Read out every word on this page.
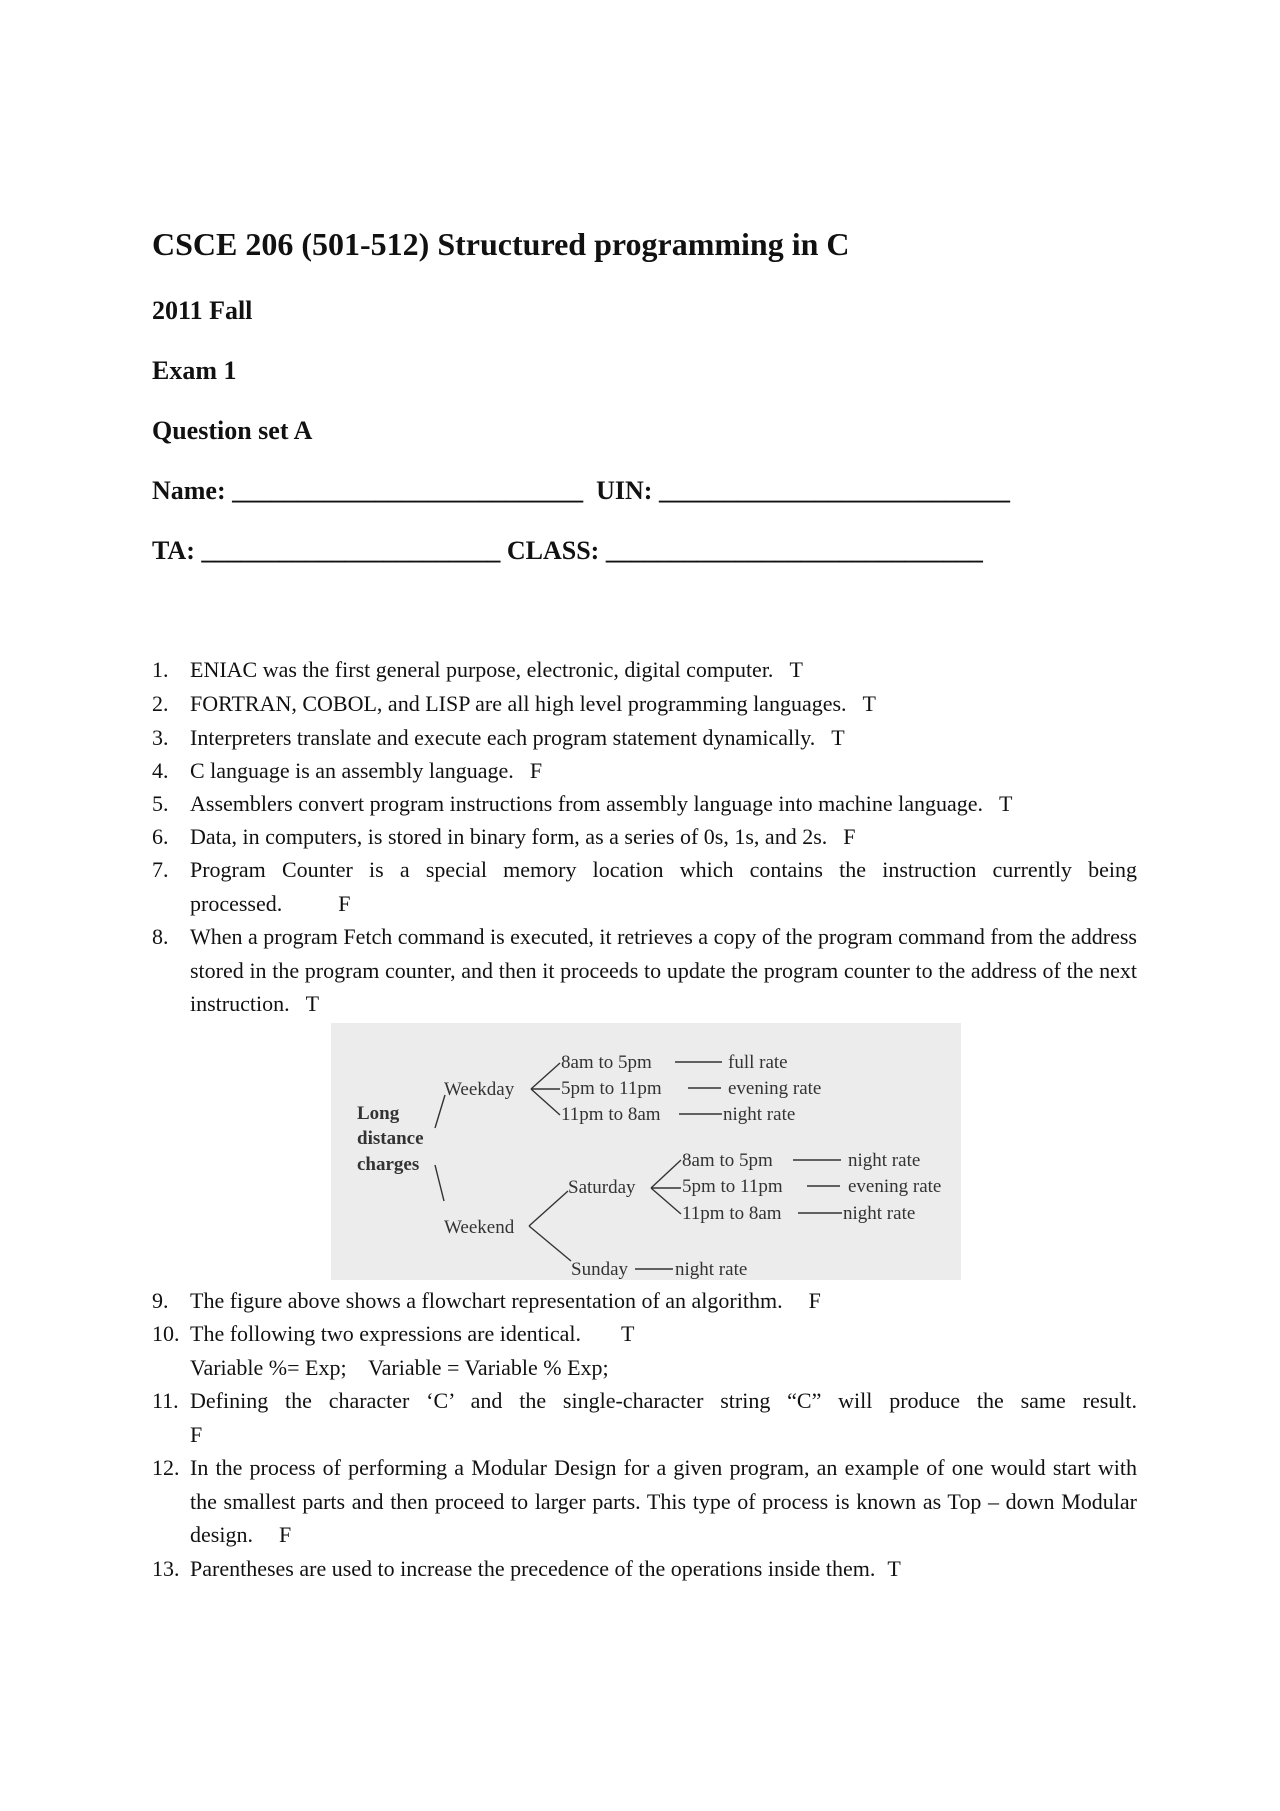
CSCE 206 (501-512) Structured programming in C
2011 Fall
Exam 1
Question set A
Name: ___________________________ UIN: ___________________________
TA: _______________________ CLASS: _____________________________
1. ENIAC was the first general purpose, electronic, digital computer. T
2. FORTRAN, COBOL, and LISP are all high level programming languages. T
3. Interpreters translate and execute each program statement dynamically. T
4. C language is an assembly language. F
5. Assemblers convert program instructions from assembly language into machine language. T
6. Data, in computers, is stored in binary form, as a series of 0s, 1s, and 2s. F
7. Program Counter is a special memory location which contains the instruction currently being processed.	F
8. When a program Fetch command is executed, it retrieves a copy of the program command from the address stored in the program counter, and then it proceeds to update the program counter to the address of the next instruction. T
Long
distance
charges
Weekday
Weekend
8am to 5pm
5pm to 11pm
11pm to 8am
full rate
evening rate
night rate
Saturday
Sunday night rate
8am to 5pm
5pm to 11pm
11pm to 8am
night rate
evening rate
night rate
9. The figure above shows a flowchart representation of an algorithm. F
10. The following two expressions are identical. T
Variable %= Exp;    Variable = Variable % Exp;
11. Defining the character ‘C’ and the single-character string “C” will produce the same result.
F
12. In the process of performing a Modular Design for a given program, an example of one would start with the smallest parts and then proceed to larger parts. This type of process is known as Top – down Modular design. F
13. Parentheses are used to increase the precedence of the operations inside them. T
